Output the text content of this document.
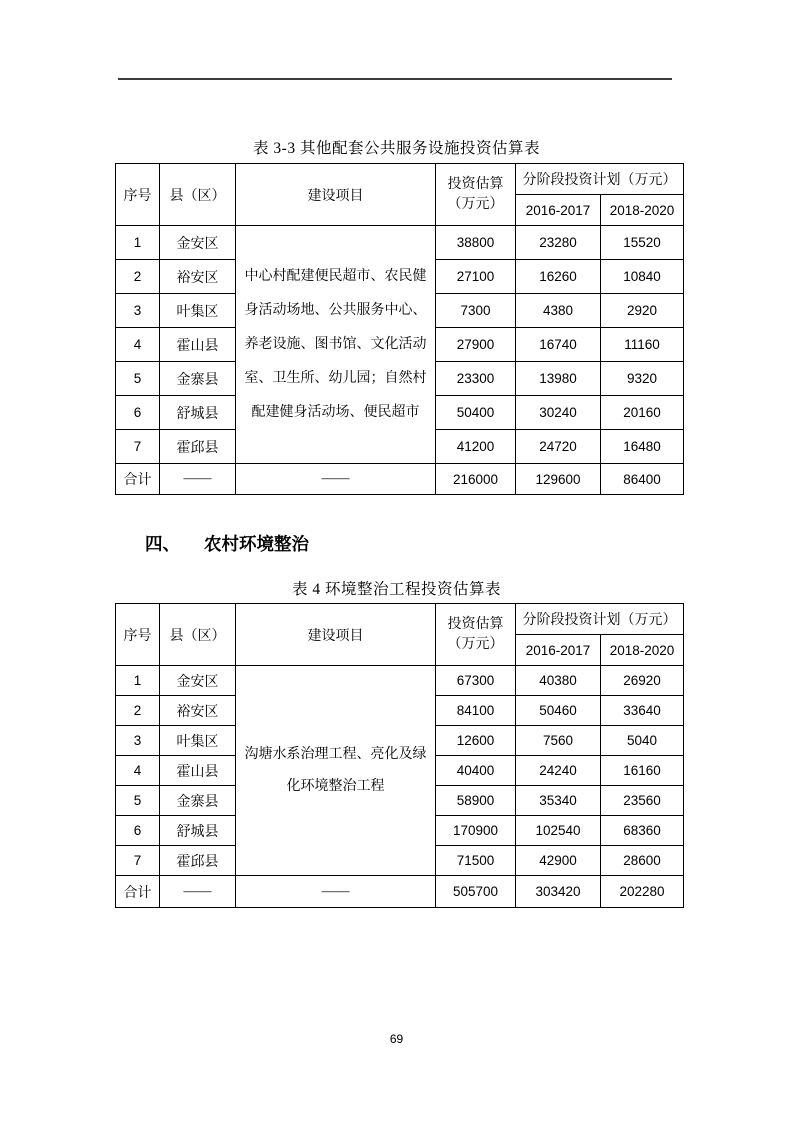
表 3-3 其他配套公共服务设施投资估算表
序号	县（区）	建设项目	投资估算
（万元）	分阶段投资计划（万元）	
				2016-2017	2018-2020
1	金安区	中心村配建便民超市、农民健身活动场地、公共服务中心、养老设施、图书馆、文化活动室、卫生所、幼儿园；自然村配建健身活动场、便民超市	38800	23280	15520
2	裕安区		27100	16260	10840
3	叶集区		7300	4380	2920
4	霍山县		27900	16740	11160
5	金寨县		23300	13980	9320
6	舒城县		50400	30240	20160
7	霍邱县		41200	24720	16480
合计	——	——	216000	129600	86400
四、 农村环境整治
表 4 环境整治工程投资估算表
序号	县（区）	建设项目	投资估算
（万元）	分阶段投资计划（万元）	
				2016-2017	2018-2020
1	金安区	沟塘水系治理工程、亮化及绿化环境整治工程	67300	40380	26920
2	裕安区		84100	50460	33640
3	叶集区		12600	7560	5040
4	霍山县		40400	24240	16160
5	金寨县		58900	35340	23560
6	舒城县		170900	102540	68360
7	霍邱县		71500	42900	28600
合计	——	——	505700	303420	202280
69
